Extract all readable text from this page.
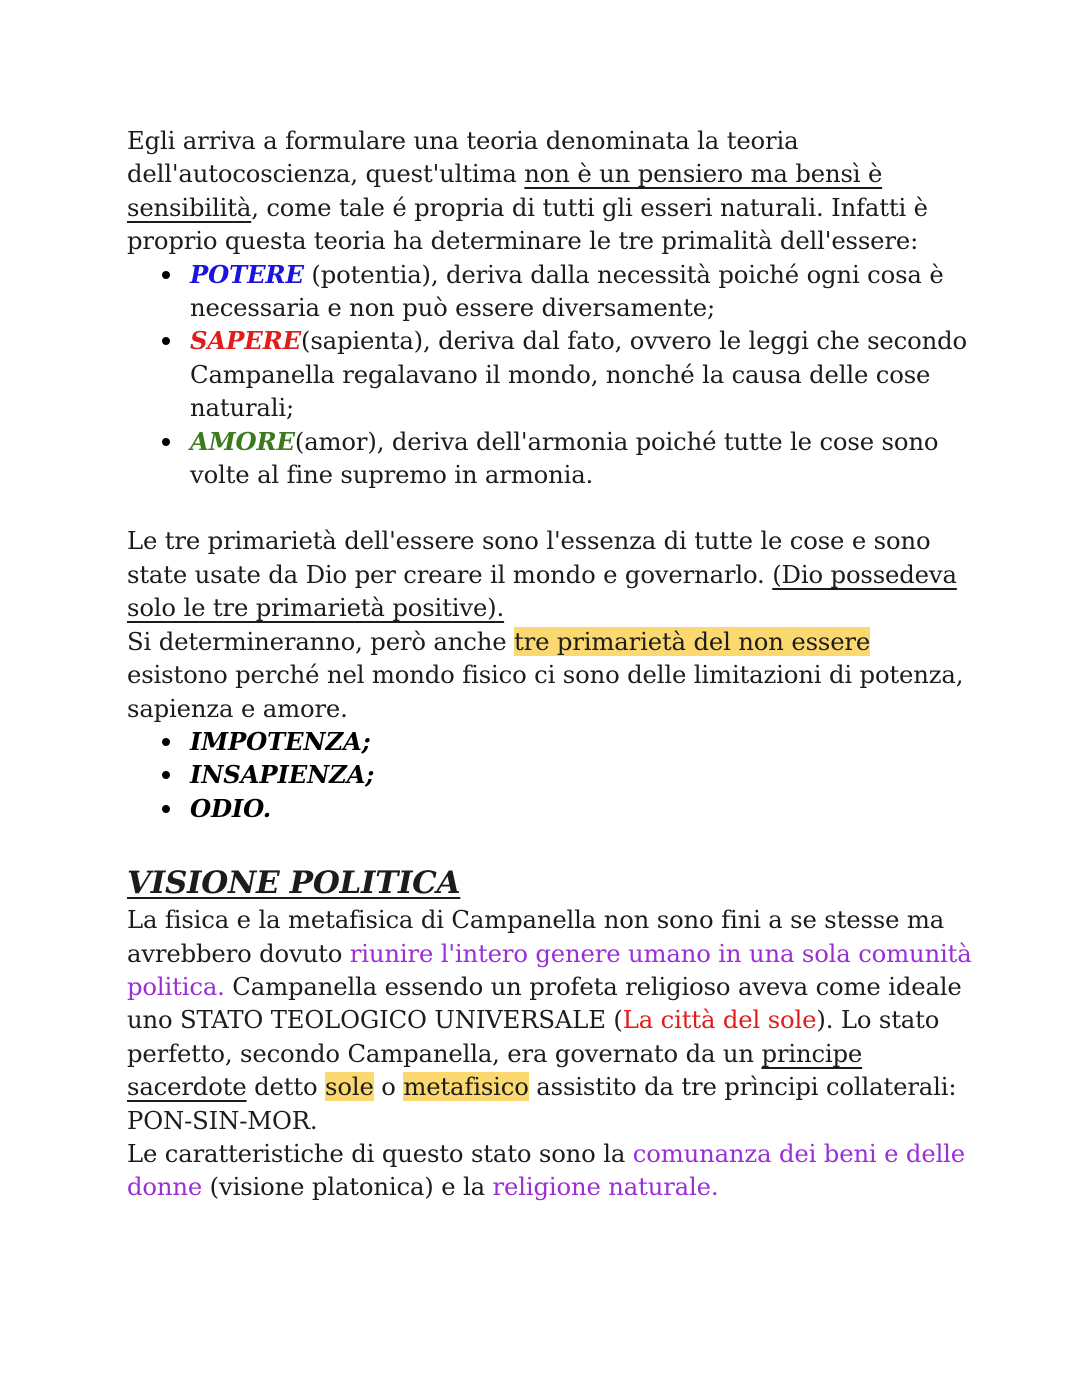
Egli arriva a formulare una teoria denominata la teoria dell'autocoscienza, quest'ultima non è un pensiero ma bensì è sensibilità, come tale é propria di tutti gli esseri naturali. Infatti è proprio questa teoria ha determinare le tre primalità dell'essere:

POTERE (potentia), deriva dalla necessità poiché ogni cosa è necessaria e non può essere diversamente;
SAPERE(sapienta), deriva dal fato, ovvero le leggi che secondo Campanella regalavano il mondo, nonché la causa delle cose naturali;
AMORE(amor), deriva dell'armonia poiché tutte le cose sono volte al fine supremo in armonia.

Le tre primarietà dell'essere sono l'essenza di tutte le cose e sono state usate da Dio per creare il mondo e governarlo. (Dio possedeva solo le tre primarietà positive).

Si determineranno, però anche tre primarietà del non essere esistono perché nel mondo fisico ci sono delle limitazioni di potenza, sapienza e amore.

IMPOTENZA;
INSAPIENZA;
ODIO.
VISIONE POLITICA

La fisica e la metafisica di Campanella non sono fini a se stesse ma avrebbero dovuto riunire l'intero genere umano in una sola comunità politica. Campanella essendo un profeta religioso aveva come ideale uno STATO TEOLOGICO UNIVERSALE (La città del sole). Lo stato perfetto, secondo Campanella, era governato da un principe sacerdote detto sole o metafisico assistito da tre prìncipi collaterali: PON-SIN-MOR.

Le caratteristiche di questo stato sono la comunanza dei beni e delle donne (visione platonica) e la religione naturale.
